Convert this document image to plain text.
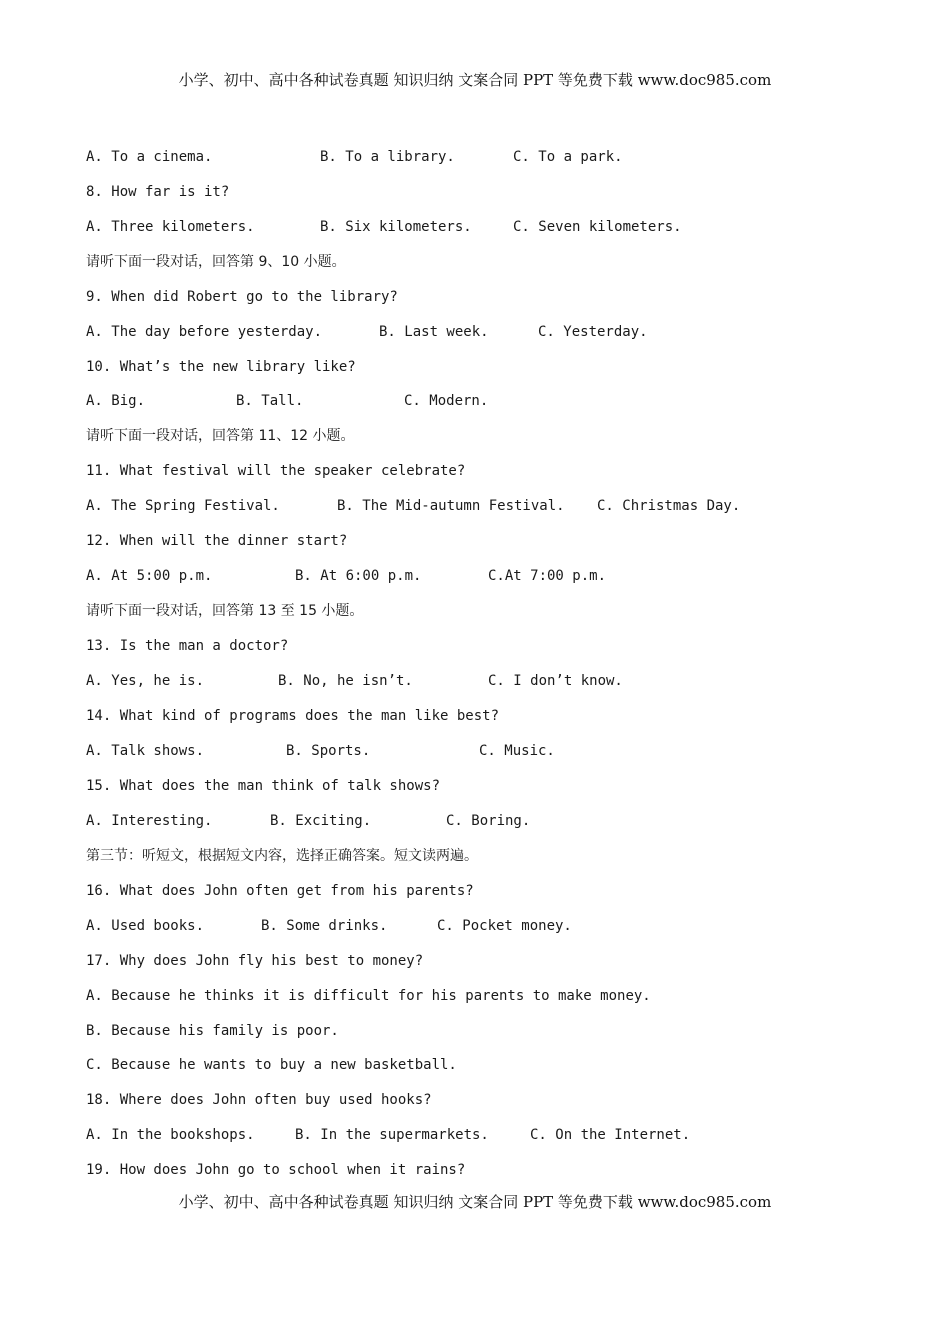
小学、初中、高中各种试卷真题 知识归纳 文案合同 PPT 等免费下载 www.doc985.com

A. To a cinema.

	B. To a library.

	C. To a park.

8. How far is it?

A. Three kilometers.

	B. Six kilometers.

	C. Seven kilometers.

请听下面一段对话，回答第 9、10 小题。
9. When did Robert go to the library?

A. The day before yesterday.

	B. Last week.

	C. Yesterday.

10. What’s the new library like?

A. Big.

	B. Tall.

	C. Modern.

请听下面一段对话，回答第 11、12 小题。
11. What festival will the speaker celebrate?

A. The Spring Festival.

	B. The Mid-autumn Festival.

C. Christmas Day.

12. When will the dinner start?

A. At 5:00 p.m.

	B. At 6:00 p.m.

	C.At 7:00 p.m.

请听下面一段对话，回答第 13 至 15 小题。
13. Is the man a doctor?

A. Yes, he is.

	B. No, he isn’t.

	C. I don’t know.

14. What kind of programs does the man like best?

A. Talk shows.

	B. Sports.

	C. Music.

15. What does the man think of talk shows?

A. Interesting.

	B. Exciting.

	C. Boring.

第三节：听短文，根据短文内容，选择正确答案。短文读两遍。
16. What does John often get from his parents?

A. Used books.

	B. Some drinks.

	C. Pocket money.

17. Why does John fly his best to money?
A. Because he thinks it is difficult for his parents to make money.
B. Because his family is poor.
C. Because he wants to buy a new basketball.
18. Where does John often buy used hooks?

A. In the bookshops.

	B. In the supermarkets.

	C. On the Internet.

19. How does John go to school when it rains?
小学、初中、高中各种试卷真题 知识归纳 文案合同 PPT 等免费下载 www.doc985.com
